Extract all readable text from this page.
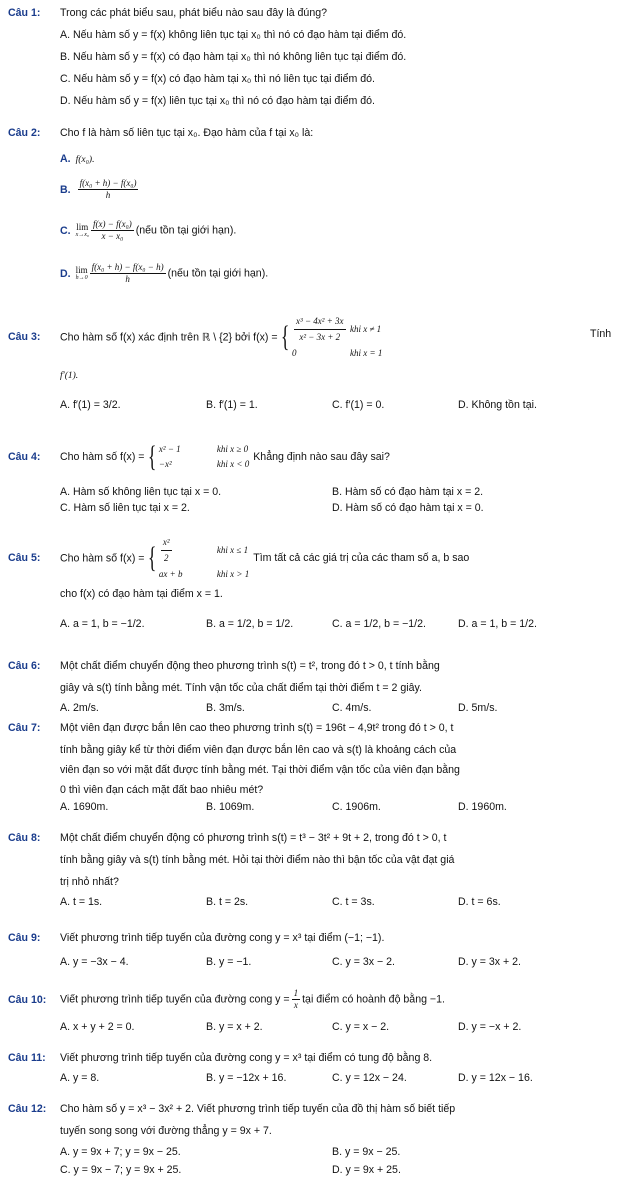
Câu 1: Trong các phát biểu sau, phát biểu nào sau đây là đúng?
A. Nếu hàm số y = f(x) không liên tục tại x₀ thì nó có đạo hàm tại điểm đó.
B. Nếu hàm số y = f(x) có đạo hàm tại x₀ thì nó không liên tục tại điểm đó.
C. Nếu hàm số y = f(x) có đạo hàm tại x₀ thì nó liên tục tại điểm đó.
D. Nếu hàm số y = f(x) liên tục tại x₀ thì nó có đạo hàm tại điểm đó.
Câu 2: Cho f là hàm số liên tục tại x₀. Đạo hàm của f tại x₀ là:
A. f(x₀).
B. $\frac{\text{f(x₀ + h) − f(x₀)}}{h}$
C. lim
$x\to x_0 \frac{\text{f(x) − f(x₀)}}{\text{x − x₀}}$ (nếu tồn tại giới hạn).
D. lim
$h\to 0 \frac{\text{f(x₀ + h) − f(x₀ − h)}}{h}$ (nếu tồn tại giới hạn).
Câu 3: Cho hàm số f(x) xác định trên ℝ \ {2} bởi f(x) ={ $\frac{\text{x³ − 4x² + 3x}}{\text{x² − 3x + 2}}$ khi x ≠ 1
0	khi x = 1
Tính
f′(1).
A. f′(1) = 3/2.	B. f′(1) = 1.	C. f′(1) = 0.	D. Không tồn tại.
Câu 4: Cho hàm số f(x) ={ x² − 1	khi x ≥ 0
−x²	khi x < 0Khẳng định nào sau đây sai?
A. Hàm số không liên tục tại x = 0.	B. Hàm số có đạo hàm tại x = 2.
C. Hàm số liên tục tại x = 2.	D. Hàm số có đạo hàm tại x = 0.
Câu 5: Cho hàm số f(x) ={ $\frac{\text{x²}}{2}$	khi x ≤ 1
ax + b	khi x > 1Tìm tất cả các giá trị của các tham số a, b sao
cho f(x) có đạo hàm tại điểm x = 1.
A. a = 1, b = −1/2.	B. a = 1/2, b = 1/2.	C. a = 1/2, b = −1/2.	D. a = 1, b = 1/2.
Câu 6: Một chất điểm chuyển động theo phương trình s(t) = t², trong đó t > 0, t tính bằng
giây và s(t) tính bằng mét. Tính vận tốc của chất điểm tại thời điểm t = 2 giây.
A. 2m/s.	B. 3m/s.	C. 4m/s.	D. 5m/s.
Câu 7: Một viên đạn được bắn lên cao theo phương trình s(t) = 196t − 4,9t² trong đó t > 0, t
tính bằng giây kể từ thời điểm viên đạn được bắn lên cao và s(t) là khoảng cách của
viên đạn so với mặt đất được tính bằng mét. Tại thời điểm vận tốc của viên đạn bằng
0 thì viên đạn cách mặt đất bao nhiêu mét?
A. 1690m.	B. 1069m.	C. 1906m.	D. 1960m.
Câu 8: Một chất điểm chuyển động có phương trình s(t) = t³ − 3t² + 9t + 2, trong đó t > 0, t
tính bằng giây và s(t) tính bằng mét. Hỏi tại thời điểm nào thì bận tốc của vật đạt giá
trị nhỏ nhất?
A. t = 1s.	B. t = 2s.	C. t = 3s.	D. t = 6s.
Câu 9: Viết phương trình tiếp tuyến của đường cong y = x³ tại điểm (−1; −1).
A. y = −3x − 4.	B. y = −1.	C. y = 3x − 2.	D. y = 3x + 2.
Câu 10: Viết phương trình tiếp tuyến của đường cong $y = \frac{1}{x}$ tại điểm có hoành độ bằng −1.
A. x + y + 2 = 0.	B. y = x + 2.	C. y = x − 2.	D. y = −x + 2.
Câu 11: Viết phương trình tiếp tuyến của đường cong y = x³ tại điểm có tung độ bằng 8.
A. y = 8.	B. y = −12x + 16.	C. y = 12x − 24.	D. y = 12x − 16.
Câu 12: Cho hàm số y = x³ − 3x² + 2. Viết phương trình tiếp tuyến của đồ thị hàm số biết tiếp
tuyến song song với đường thẳng y = 9x + 7.
A. y = 9x + 7; y = 9x − 25.	B. y = 9x − 25.
C. y = 9x − 7; y = 9x + 25.	D. y = 9x + 25.
